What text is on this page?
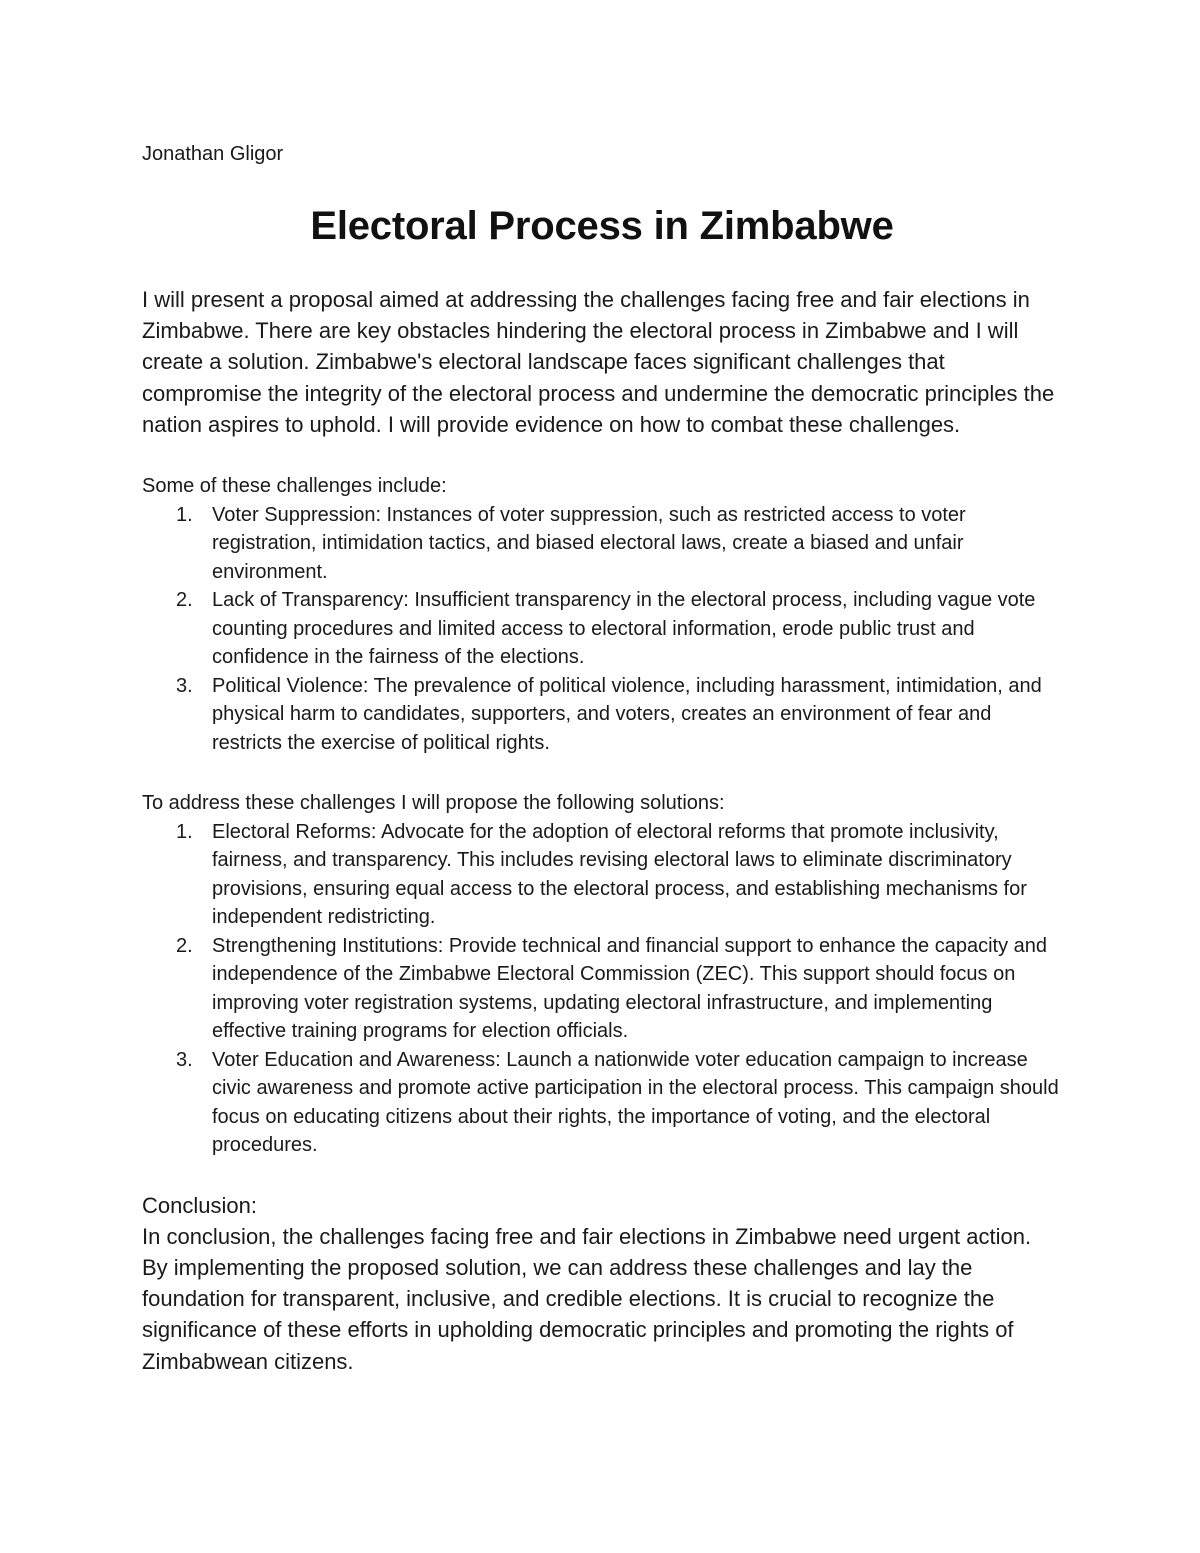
Jonathan Gligor

Electoral Process in Zimbabwe

I will present a proposal aimed at addressing the challenges facing free and fair elections in Zimbabwe. There are key obstacles hindering the electoral process in Zimbabwe and I will create a solution. Zimbabwe's electoral landscape faces significant challenges that compromise the integrity of the electoral process and undermine the democratic principles the nation aspires to uphold. I will provide evidence on how to combat these challenges.

Some of these challenges include:

1. Voter Suppression: Instances of voter suppression, such as restricted access to voter registration, intimidation tactics, and biased electoral laws, create a biased and unfair environment.
2. Lack of Transparency: Insufficient transparency in the electoral process, including vague vote counting procedures and limited access to electoral information, erode public trust and confidence in the fairness of the elections.
3. Political Violence: The prevalence of political violence, including harassment, intimidation, and physical harm to candidates, supporters, and voters, creates an environment of fear and restricts the exercise of political rights.

To address these challenges I will propose the following solutions:

1. Electoral Reforms: Advocate for the adoption of electoral reforms that promote inclusivity, fairness, and transparency. This includes revising electoral laws to eliminate discriminatory provisions, ensuring equal access to the electoral process, and establishing mechanisms for independent redistricting.
2. Strengthening Institutions: Provide technical and financial support to enhance the capacity and independence of the Zimbabwe Electoral Commission (ZEC). This support should focus on improving voter registration systems, updating electoral infrastructure, and implementing effective training programs for election officials.
3. Voter Education and Awareness: Launch a nationwide voter education campaign to increase civic awareness and promote active participation in the electoral process. This campaign should focus on educating citizens about their rights, the importance of voting, and the electoral procedures.

Conclusion:

In conclusion, the challenges facing free and fair elections in Zimbabwe need urgent action. By implementing the proposed solution, we can address these challenges and lay the foundation for transparent, inclusive, and credible elections. It is crucial to recognize the significance of these efforts in upholding democratic principles and promoting the rights of Zimbabwean citizens.
